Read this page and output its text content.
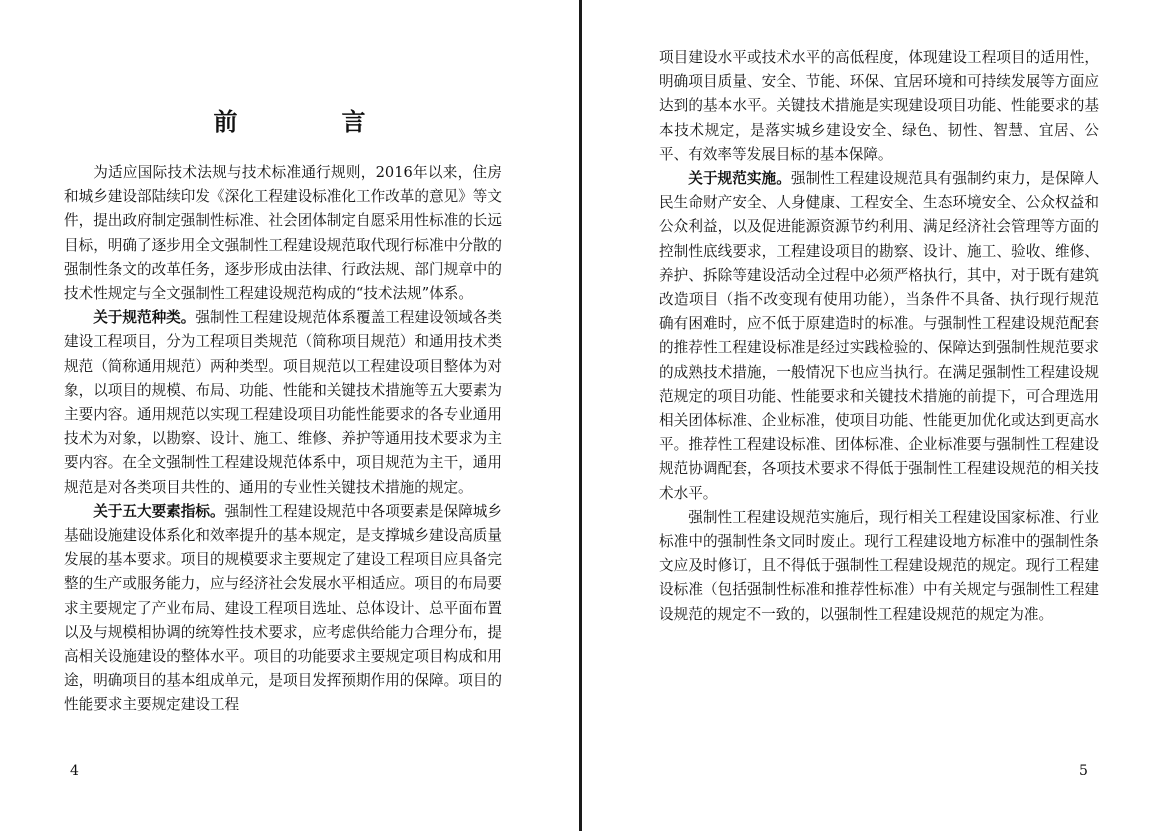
前　言

为适应国际技术法规与技术标准通行规则，2016年以来，住房和城乡建设部陆续印发《深化工程建设标准化工作改革的意见》等文件，提出政府制定强制性标准、社会团体制定自愿采用性标准的长远目标，明确了逐步用全文强制性工程建设规范取代现行标准中分散的强制性条文的改革任务，逐步形成由法律、行政法规、部门规章中的技术性规定与全文强制性工程建设规范构成的“技术法规”体系。

关于规范种类。强制性工程建设规范体系覆盖工程建设领域各类建设工程项目，分为工程项目类规范（简称项目规范）和通用技术类规范（简称通用规范）两种类型。项目规范以工程建设项目整体为对象，以项目的规模、布局、功能、性能和关键技术措施等五大要素为主要内容。通用规范以实现工程建设项目功能性能要求的各专业通用技术为对象，以勘察、设计、施工、维修、养护等通用技术要求为主要内容。在全文强制性工程建设规范体系中，项目规范为主干，通用规范是对各类项目共性的、通用的专业性关键技术措施的规定。

关于五大要素指标。强制性工程建设规范中各项要素是保障城乡基础设施建设体系化和效率提升的基本规定，是支撑城乡建设高质量发展的基本要求。项目的规模要求主要规定了建设工程项目应具备完整的生产或服务能力，应与经济社会发展水平相适应。项目的布局要求主要规定了产业布局、建设工程项目选址、总体设计、总平面布置以及与规模相协调的统筹性技术要求，应考虑供给能力合理分布，提高相关设施建设的整体水平。项目的功能要求主要规定项目构成和用途，明确项目的基本组成单元，是项目发挥预期作用的保障。项目的性能要求主要规定建设工程

4

项目建设水平或技术水平的高低程度，体现建设工程项目的适用性，明确项目质量、安全、节能、环保、宜居环境和可持续发展等方面应达到的基本水平。关键技术措施是实现建设项目功能、性能要求的基本技术规定，是落实城乡建设安全、绿色、韧性、智慧、宜居、公平、有效率等发展目标的基本保障。

关于规范实施。强制性工程建设规范具有强制约束力，是保障人民生命财产安全、人身健康、工程安全、生态环境安全、公众权益和公众利益，以及促进能源资源节约利用、满足经济社会管理等方面的控制性底线要求，工程建设项目的勘察、设计、施工、验收、维修、养护、拆除等建设活动全过程中必须严格执行，其中，对于既有建筑改造项目（指不改变现有使用功能），当条件不具备、执行现行规范确有困难时，应不低于原建造时的标准。与强制性工程建设规范配套的推荐性工程建设标准是经过实践检验的、保障达到强制性规范要求的成熟技术措施，一般情况下也应当执行。在满足强制性工程建设规范规定的项目功能、性能要求和关键技术措施的前提下，可合理选用相关团体标准、企业标准，使项目功能、性能更加优化或达到更高水平。推荐性工程建设标准、团体标准、企业标准要与强制性工程建设规范协调配套，各项技术要求不得低于强制性工程建设规范的相关技术水平。

强制性工程建设规范实施后，现行相关工程建设国家标准、行业标准中的强制性条文同时废止。现行工程建设地方标准中的强制性条文应及时修订，且不得低于强制性工程建设规范的规定。现行工程建设标准（包括强制性标准和推荐性标准）中有关规定与强制性工程建设规范的规定不一致的，以强制性工程建设规范的规定为准。

5
